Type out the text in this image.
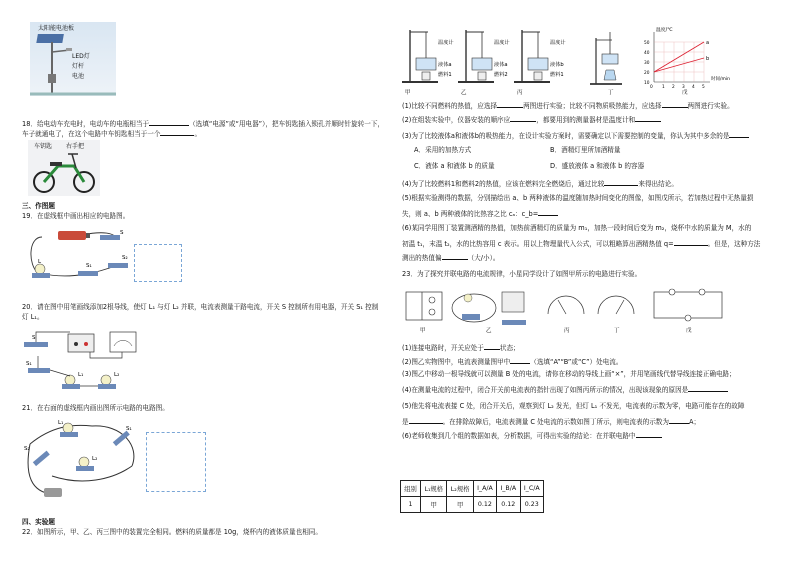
太阳能电池板
LED灯
灯杆
电池
18．给电动车充电时，电动车的电瓶相当于	（选填“电源”或“用电器”），把车钥匙插入锁孔并顺时针旋转一下，
车子就通电了，在这个电路中车钥匙相当于一个	。
车钥匙 右手把
三、作图题
19．在虚线框中画出相应的电路图。
S
L
S₁
S₂
20．请在图中用笔画线添加2根导线，使灯 L₁ 与灯 L₂ 并联，电流表测量干路电流，开关 S 控制所有用电器，开关 S₁ 控制
灯 L₁。
S
S₁
L₁	L₂
21．在右面的虚线框内画出图所示电路的电路图。
L₁
S₁
L₂
S₂
四、实验题
22．如图所示，甲、乙、丙三图中的装置完全相同。燃料的质量都是 10g，烧杯内的液体质量也相同。
温度计
液体a
燃料1
温度计
液体a
燃料2
温度计
液体b
燃料1
甲	乙	丙	丁	戊
a
b
温度/℃
时间/min
50
40
30
20
10
0 1 2 3 4 5
(1)比较不同燃料的热值，应选择	两图进行实验；比较不同物质吸热能力，应选择	两图进行实验。
(2)在组装实验中，仪器安装的顺序应	，都要用到的测量器材是温度计和
(3)为了比较液体a和液体b的吸热能力，在设计实验方案时，需要确定以下需要控制的变量，你认为其中多余的是
A．采用的加热方式	B．酒精灯里所加酒精量
C．液体 a 和液体 b 的质量	D．盛放液体 a 和液体 b 的容器
(4)为了比较燃料1和燃料2的热值，应该在燃料完全燃烧后，通过比较	来得出结论。
(5)根据实验测得的数据，分别描绘出 a、b 两种液体的温度随加热时间变化的图像，如图戊所示，若加热过程中无热量损
失，则 a、b 两种液体的比热容之比 cₐ：c_b=
(6)某同学用图丁装置测酒精的热值，加热前酒精灯的质量为 m₁，加热一段时间后变为 m₂，烧杯中水的质量为 M，水的
初温 t₁，末温 t₂，水的比热容用 c 表示。用以上物理量代入公式，可以粗略算出酒精热值 q=	。但是，这种方法
测出的热值偏	（大/小）。
23．为了探究并联电路的电流规律，小星同学设计了如图甲所示的电路进行实验。
甲	乙	丙	丁	戊
(1)连接电路时，开关应处于 状态；
(2)图乙实物图中，电流表测量图甲中	（选填“A”“B”或“C”）处电流。
(3)图乙中移动一根导线就可以测量 B 处的电流，请你在移动的导线上画“×”，并用笔画线代替导线连接正确电路；
(4)在测量电流的过程中，闭合开关前电流表的指针出现了如图丙所示的情况，出现该现象的原因是
(5)他先将电流表接 C 处，闭合开关后，观察到灯 L₂ 发光，但灯 L₁ 不发光，电流表的示数为零，电路可能存在的故障
是	。在排除故障后，电流表测量 C 处电流的示数如图丁所示，则电流表的示数为	A；
(6)老师收集到几个组的数据如表，分析数据，可得出实验的结论：在并联电路中
组别	L₁规格	L₂规格	I_A/A	I_B/A	I_C/A
1	甲	甲	0.12	0.12	0.23
